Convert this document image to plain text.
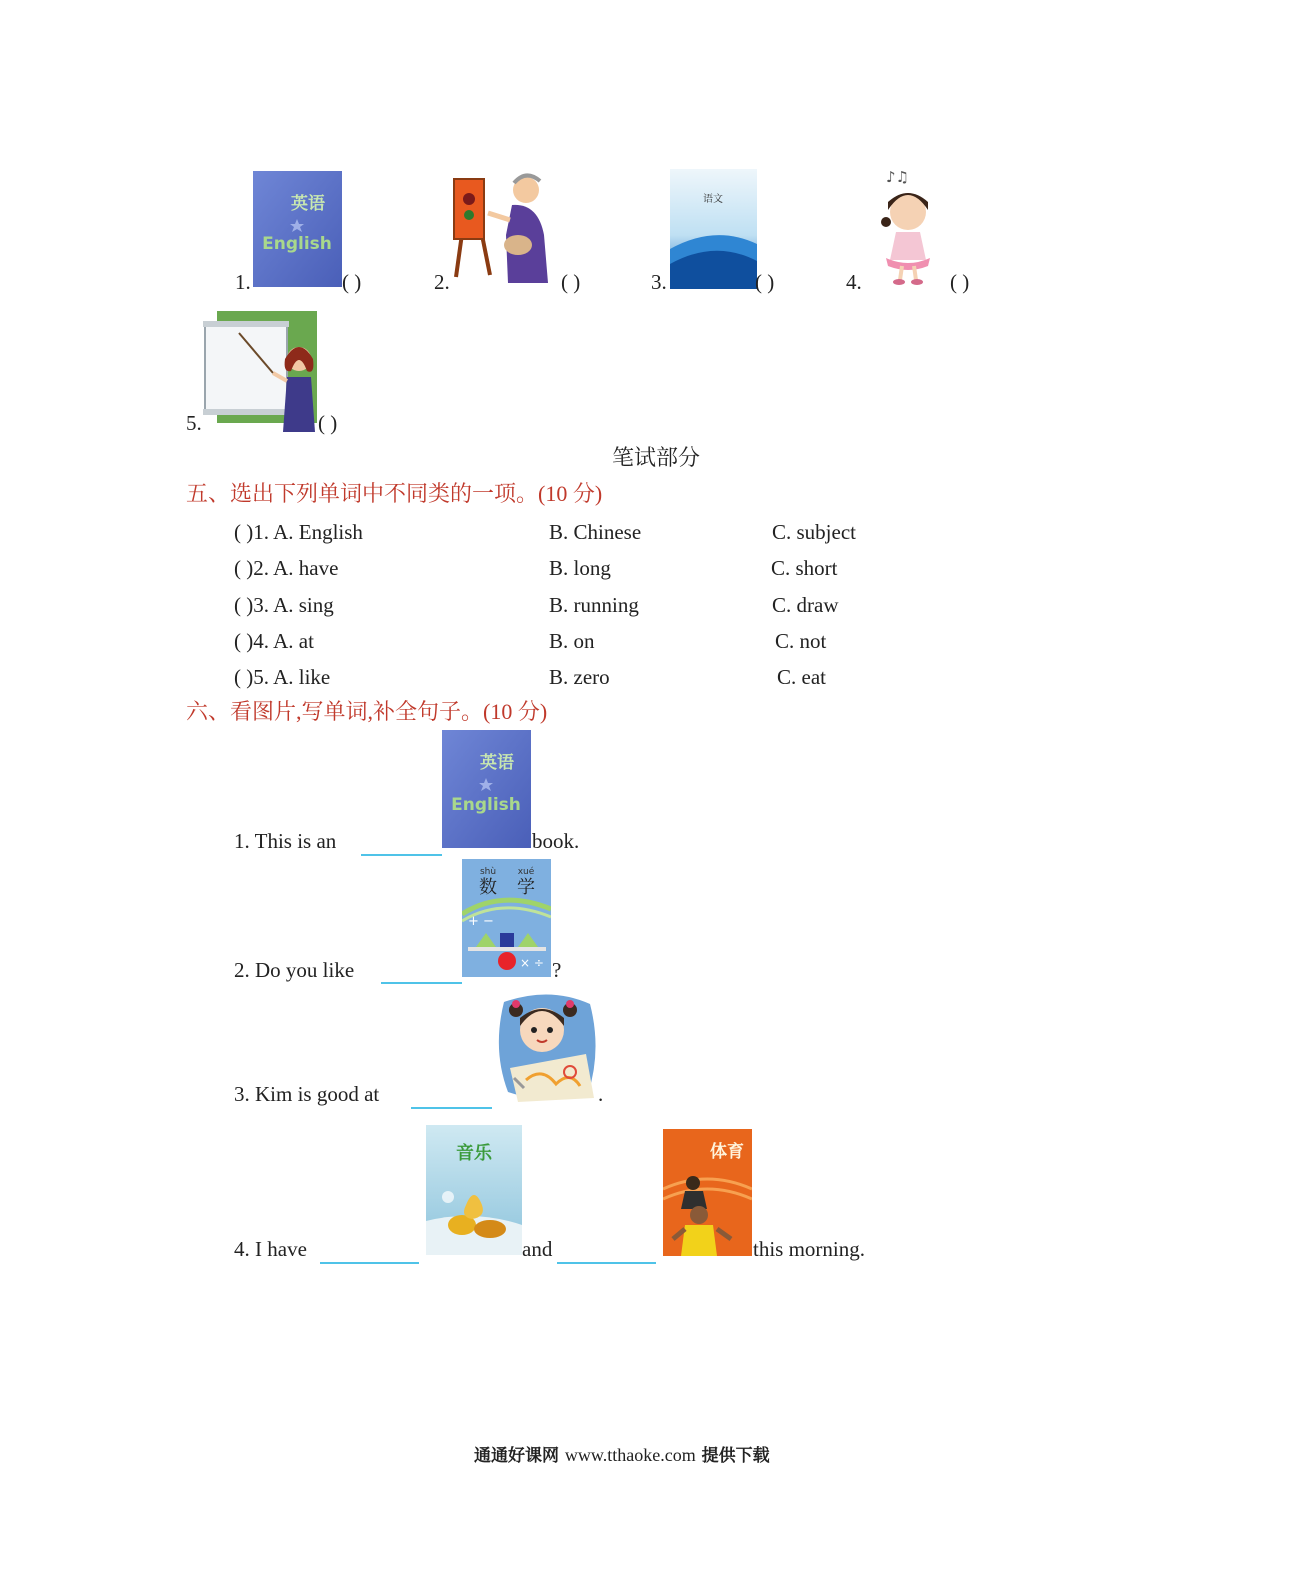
1.
英语
English
( )	2.	( )	3.
语文
( )	4.
♪♫
( )
5.	( )
笔试部分
五、选出下列单词中不同类的一项。(10 分)
( )1. A. English	B. Chinese	C. subject
( )2. A. have	B. long	C. short
( )3. A. sing	B. running	C. draw
( )4. A. at	B. on	C. not
( )5. A. like	B. zero	C. eat
六、看图片,写单词,补全句子。(10 分)
1. This is an
英语
English
book.
2. Do you like
shù xué
数 学
+ −
× ÷ ?
3. Kim is good at	.
4. I have
音乐
and
体育
this morning.
通通好课网 www.tthaoke.com 提供下载
